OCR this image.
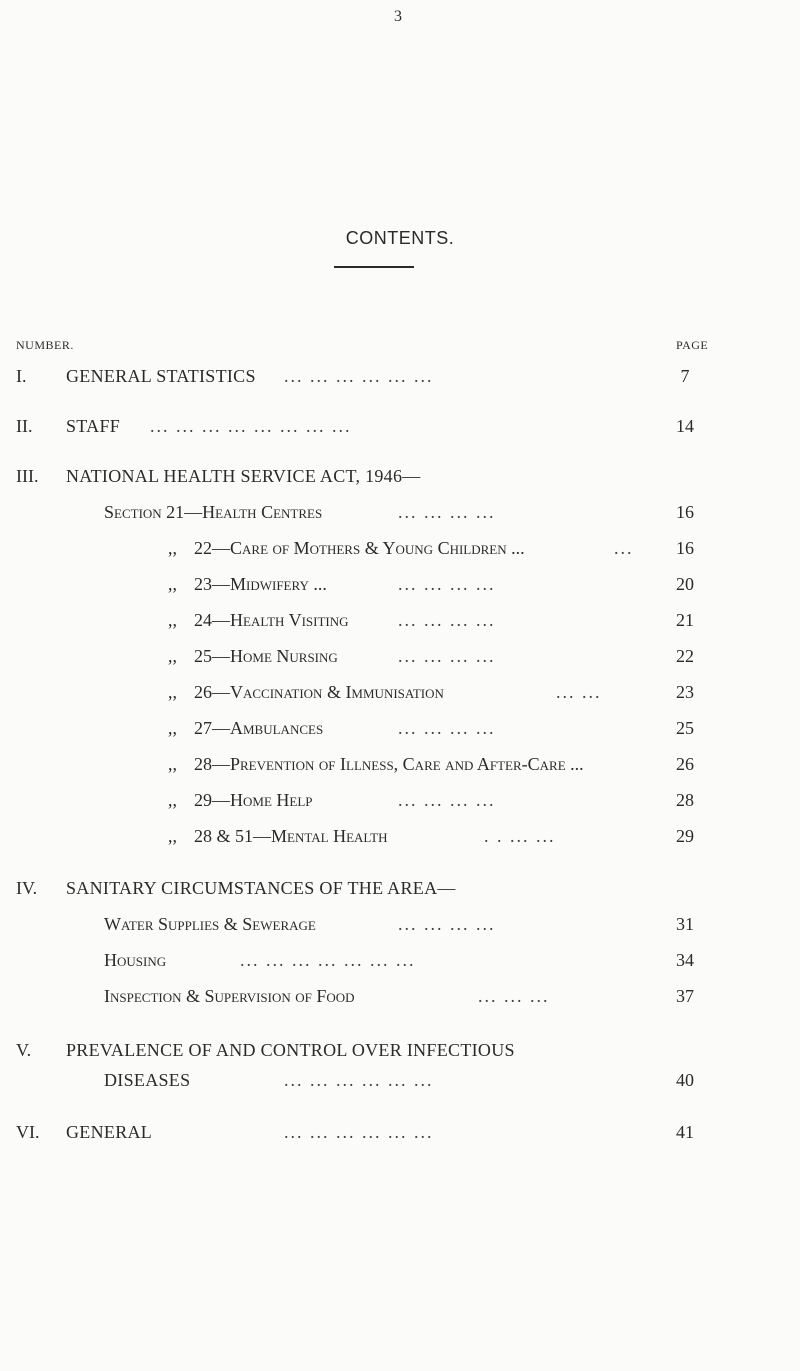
3
CONTENTS.
NUMBER.	PAGE
I. GENERAL STATISTICS ... ... ... ... ... ...	7
II. STAFF ... ... ... ... ... ... ... ...	14
III. NATIONAL HEALTH SERVICE ACT, 1946—
Section 21—Health Centres	... ... ... ...	16
,, 22—Care of Mothers & Young Children ...	...	16
,, 23—Midwifery ...	... ... ... ...	20
,, 24—Health Visiting	... ... ... ...	21
,, 25—Home Nursing	... ... ... ...	22
,, 26—Vaccination & Immunisation	... ...	23
,, 27—Ambulances	... ... ... ...	25
,, 28—Prevention of Illness, Care and After-Care ...	26
,, 29—Home Help	... ... ... ...	28
,, 28 & 51—Mental Health	. . ... ...	29
IV. SANITARY CIRCUMSTANCES OF THE AREA—
Water Supplies & Sewerage	... ... ... ...	31
Housing	... ... ... ... ... ... ...	34
Inspection & Supervision of Food	... ... ...	37
V. PREVALENCE OF AND CONTROL OVER INFECTIOUS
DISEASES	... ... ... ... ... ...	40
VI. GENERAL	... ... ... ... ... ...	41
